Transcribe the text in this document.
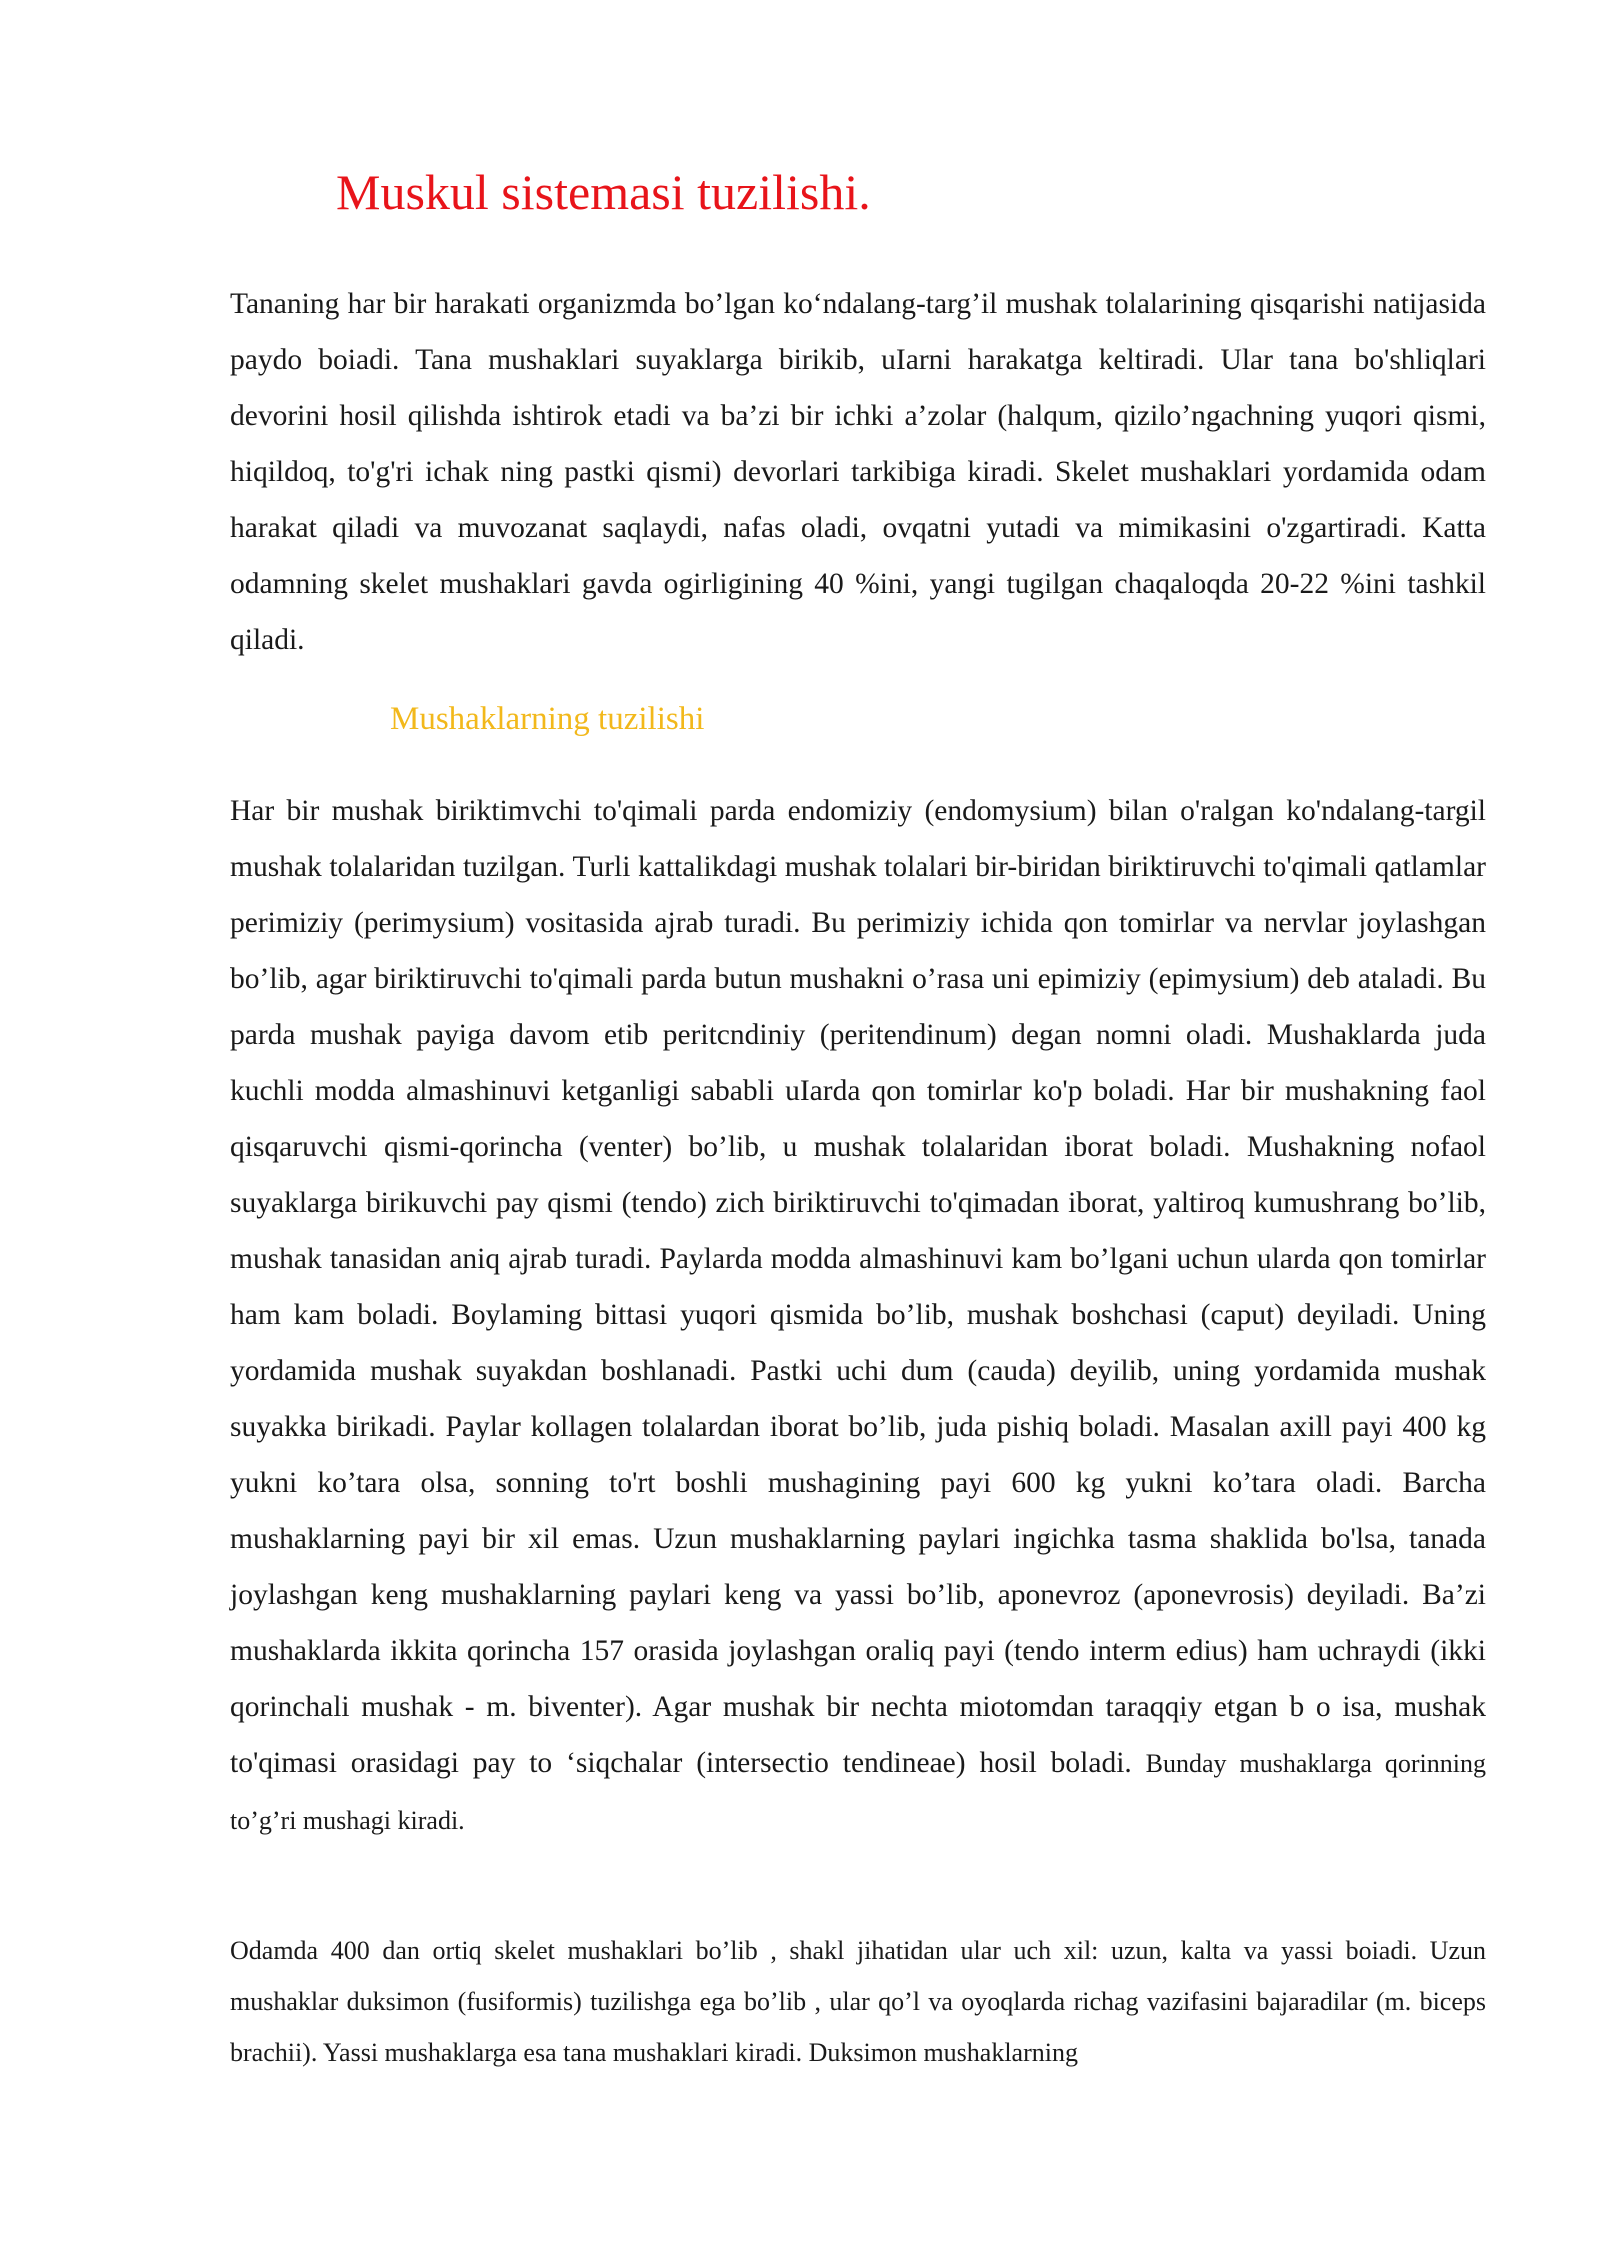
Muskul sistemasi tuzilishi.

Tananing har bir harakati organizmda bo’lgan ko‘ndalang-targ’il mushak tolalarining qisqarishi natijasida paydo boiadi. Tana mushaklari suyaklarga birikib, uIarni harakatga keltiradi. Ular tana bo'shliqlari devorini hosil qilishda ishtirok etadi va ba’zi bir ichki a’zolar (halqum, qizilo’ngachning yuqori qismi, hiqildoq, to'g'ri ichak ning pastki qismi) devorlari tarkibiga kiradi. Skelet mushaklari yordamida odam harakat qiladi va muvozanat saqlaydi, nafas oladi, ovqatni yutadi va mimikasini o'zgartiradi. Katta odamning skelet mushaklari gavda ogirligining 40 %ini, yangi tugilgan chaqaloqda 20-22 %ini tashkil qiladi.

Mushaklarning tuzilishi

Har bir mushak biriktimvchi to'qimali parda endomiziy (endomysium) bilan o'ralgan ko'ndalang-targil mushak tolalaridan tuzilgan. Turli kattalikdagi mushak tolalari bir-biridan biriktiruvchi to'qimali qatlamlar perimiziy (perimysium) vositasida ajrab turadi. Bu perimiziy ichida qon tomirlar va nervlar joylashgan bo’lib, agar biriktiruvchi to'qimali parda butun mushakni o’rasa uni epimiziy (epimysium) deb ataladi. Bu parda mushak payiga davom etib peritcndiniy (peritendinum) degan nomni oladi. Mushaklarda juda kuchli modda almashinuvi ketganligi sababli uIarda qon tomirlar ko'p boladi. Har bir mushakning faol qisqaruvchi qismi-qorincha (venter) bo’lib, u mushak tolalaridan iborat boladi. Mushakning nofaol suyaklarga birikuvchi pay qismi (tendo) zich biriktiruvchi to'qimadan iborat, yaltiroq kumushrang bo’lib, mushak tanasidan aniq ajrab turadi. Paylarda modda almashinuvi kam bo’lgani uchun ularda qon tomirlar ham kam boladi. Boylaming bittasi yuqori qismida bo’lib, mushak boshchasi (caput) deyiladi. Uning yordamida mushak suyakdan boshlanadi. Pastki uchi dum (cauda) deyilib, uning yordamida mushak suyakka birikadi. Paylar kollagen tolalardan iborat bo’lib, juda pishiq boladi. Masalan axill payi 400 kg yukni ko’tara olsa, sonning to'rt boshli mushagining payi 600 kg yukni ko’tara oladi. Barcha mushaklarning payi bir xil emas. Uzun mushaklarning paylari ingichka tasma shaklida bo'lsa, tanada joylashgan keng mushaklarning paylari keng va yassi bo’lib, aponevroz (aponevrosis) deyiladi. Ba’zi mushaklarda ikkita qorincha 157 orasida joylashgan oraliq payi (tendo interm edius) ham uchraydi (ikki qorinchali mushak - m. biventer). Agar mushak bir nechta miotomdan taraqqiy etgan b o isa, mushak to'qimasi orasidagi pay to ‘siqchalar (intersectio tendineae) hosil boladi. Bunday mushaklarga qorinning to’g’ri mushagi kiradi.

Odamda 400 dan ortiq skelet mushaklari bo’lib , shakl jihatidan ular uch xil: uzun, kalta va yassi boiadi. Uzun mushaklar duksimon (fusiformis) tuzilishga ega bo’lib , ular qo’l va oyoqlarda richag vazifasini bajaradilar (m. biceps brachii). Yassi mushaklarga esa tana mushaklari kiradi. Duksimon mushaklarning
